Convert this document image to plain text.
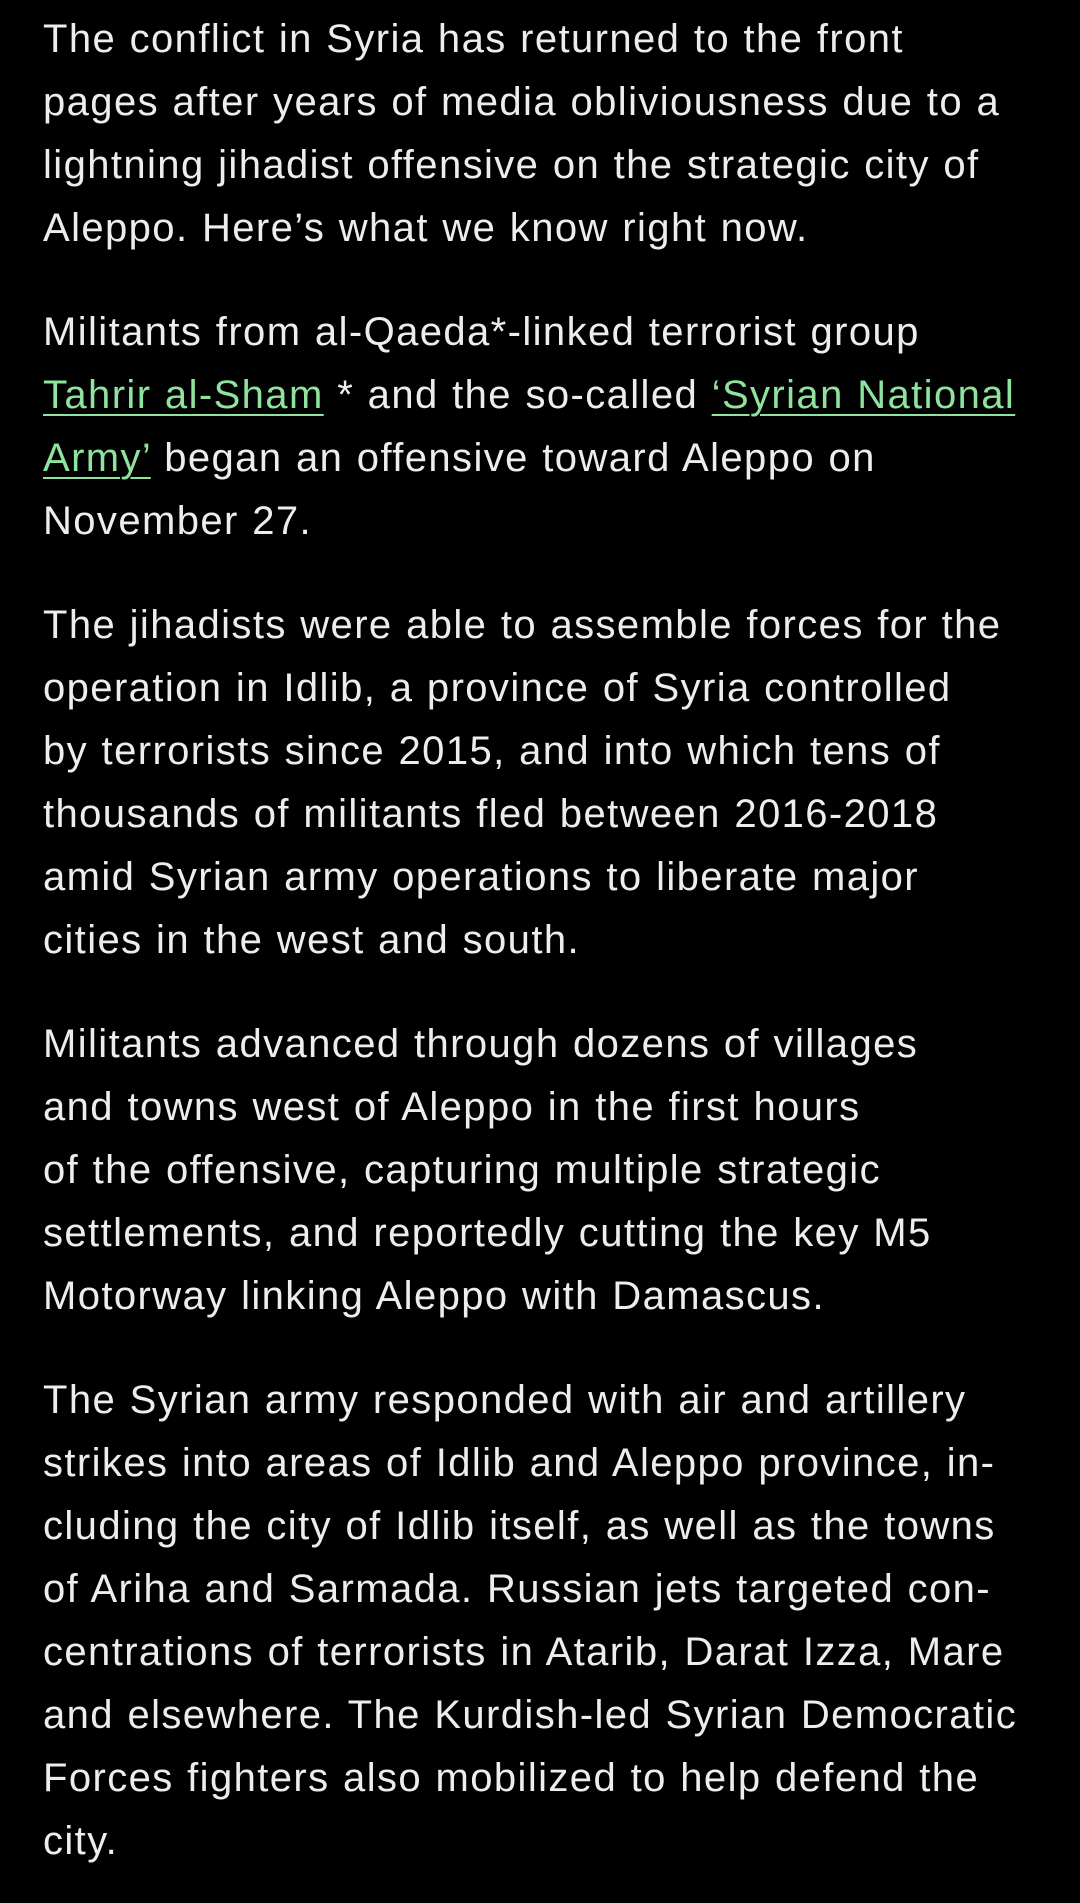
The conflict in Syria has returned to the front
pages after years of media obliviousness due to a
lightning jihadist offensive on the strategic city of
Aleppo. Here’s what we know right now.

Militants from al-Qaeda*-linked terrorist group
Tahrir al-Sham * and the so-called ‘Syrian National
Army’ began an offensive toward Aleppo on
November 27.

The jihadists were able to assemble forces for the
operation in Idlib, a province of Syria controlled
by terrorists since 2015, and into which tens of
thousands of militants fled between 2016-2018
amid Syrian army operations to liberate major
cities in the west and south.

Militants advanced through dozens of villages
and towns west of Aleppo in the first hours
of the offensive, capturing multiple strategic
settlements, and reportedly cutting the key M5
Motorway linking Aleppo with Damascus.

The Syrian army responded with air and artillery
strikes into areas of Idlib and Aleppo province, in-
cluding the city of Idlib itself, as well as the towns
of Ariha and Sarmada. Russian jets targeted con-
centrations of terrorists in Atarib, Darat Izza, Mare
and elsewhere. The Kurdish-led Syrian Democratic
Forces fighters also mobilized to help defend the
city.
